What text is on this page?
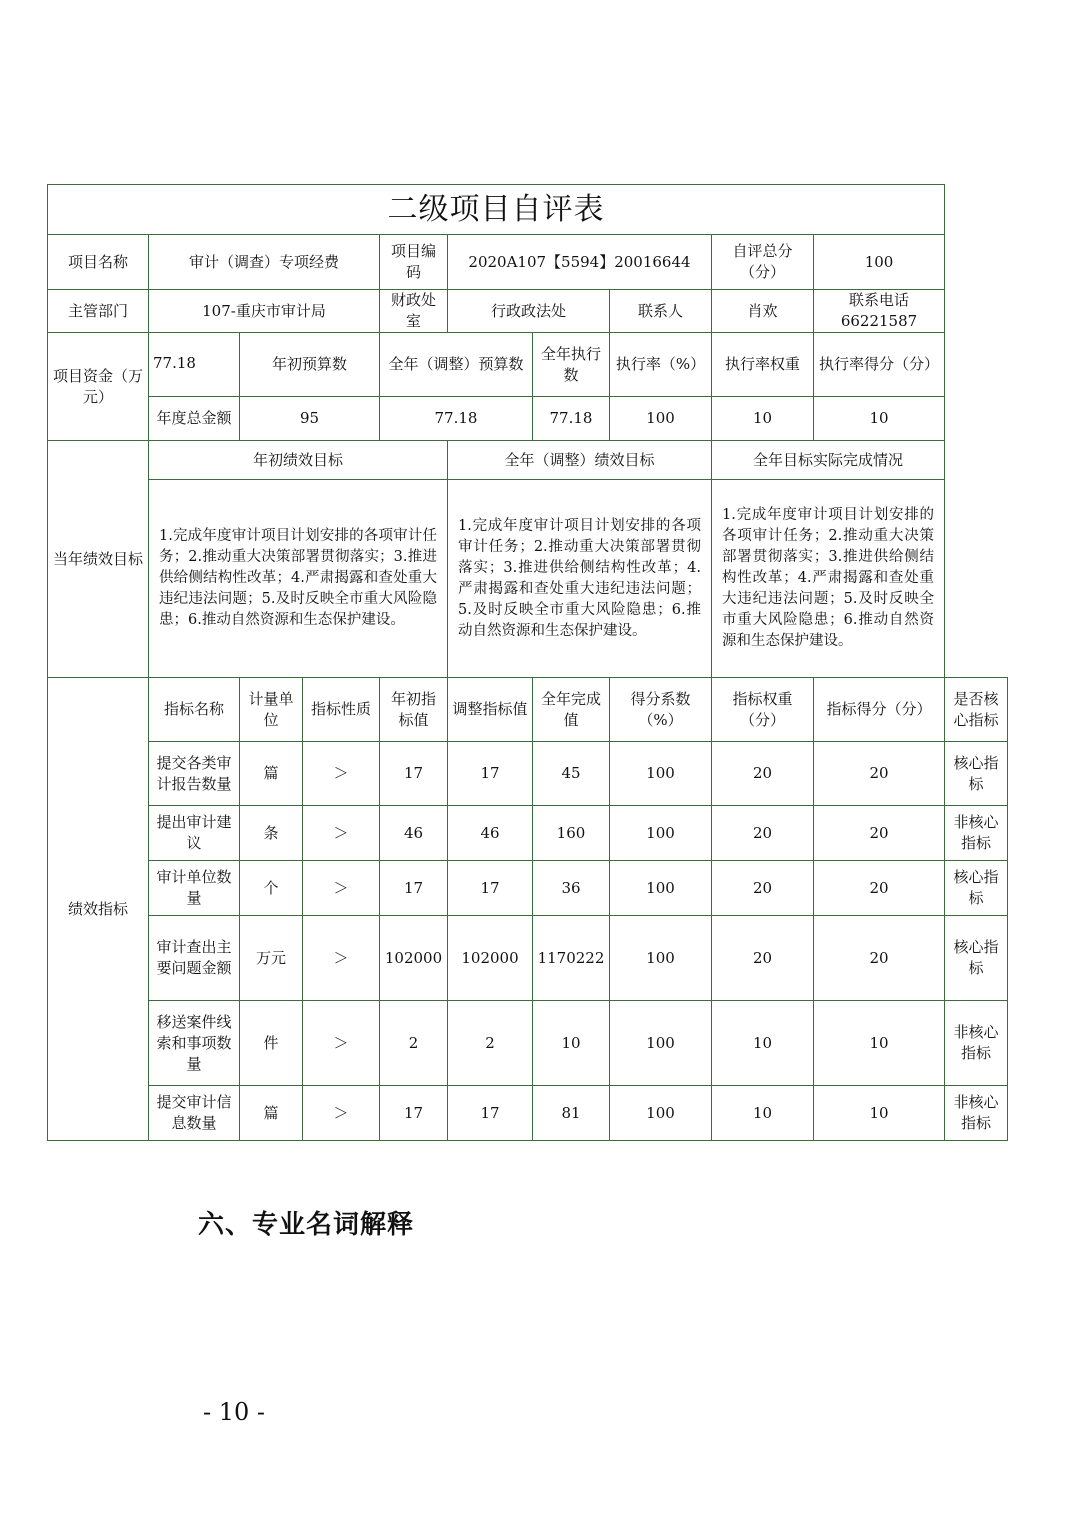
二级项目自评表										
项目名称	审计（调查）专项经费			项目编码	2020A107【5594】20016644			自评总分（分）	100	
主管部门	107-重庆市审计局			财政处室	行政政法处		联系人	肖欢	联系电话　66221587	
项目资金（万元）	77.18	年初预算数		全年（调整）预算数		全年执行数	执行率（%）	执行率权重	执行率得分（分）	
	年度总金额	95		77.18		77.18	100	10	10	
当年绩效目标	年初绩效目标				全年（调整）绩效目标			全年目标实际完成情况		
	1.完成年度审计项目计划安排的各项审计任务；2.推动重大决策部署贯彻落实；3.推进供给侧结构性改革；4.严肃揭露和查处重大违纪违法问题；5.及时反映全市重大风险隐患；6.推动自然资源和生态保护建设。				1.完成年度审计项目计划安排的各项审计任务；2.推动重大决策部署贯彻落实；3.推进供给侧结构性改革；4.严肃揭露和查处重大违纪违法问题；5.及时反映全市重大风险隐患；6.推动自然资源和生态保护建设。			1.完成年度审计项目计划安排的各项审计任务；2.推动重大决策部署贯彻落实；3.推进供给侧结构性改革；4.严肃揭露和查处重大违纪违法问题；5.及时反映全市重大风险隐患；6.推动自然资源和生态保护建设。		
绩效指标	指标名称	计量单位	指标性质	年初指标值	调整指标值	全年完成值	得分系数（%）	指标权重（分）	指标得分（分）	是否核心指标
	提交各类审计报告数量	篇	＞	17	17	45	100	20	20	核心指标
	提出审计建议	条	＞	46	46	160	100	20	20	非核心指标
	审计单位数量	个	＞	17	17	36	100	20	20	核心指标
	审计查出主要问题金额	万元	＞	102000	102000	1170222	100	20	20	核心指标
	移送案件线索和事项数量	件	＞	2	2	10	100	10	10	非核心指标
	提交审计信息数量	篇	＞	17	17	81	100	10	10	非核心指标
六、专业名词解释
- 10 -
